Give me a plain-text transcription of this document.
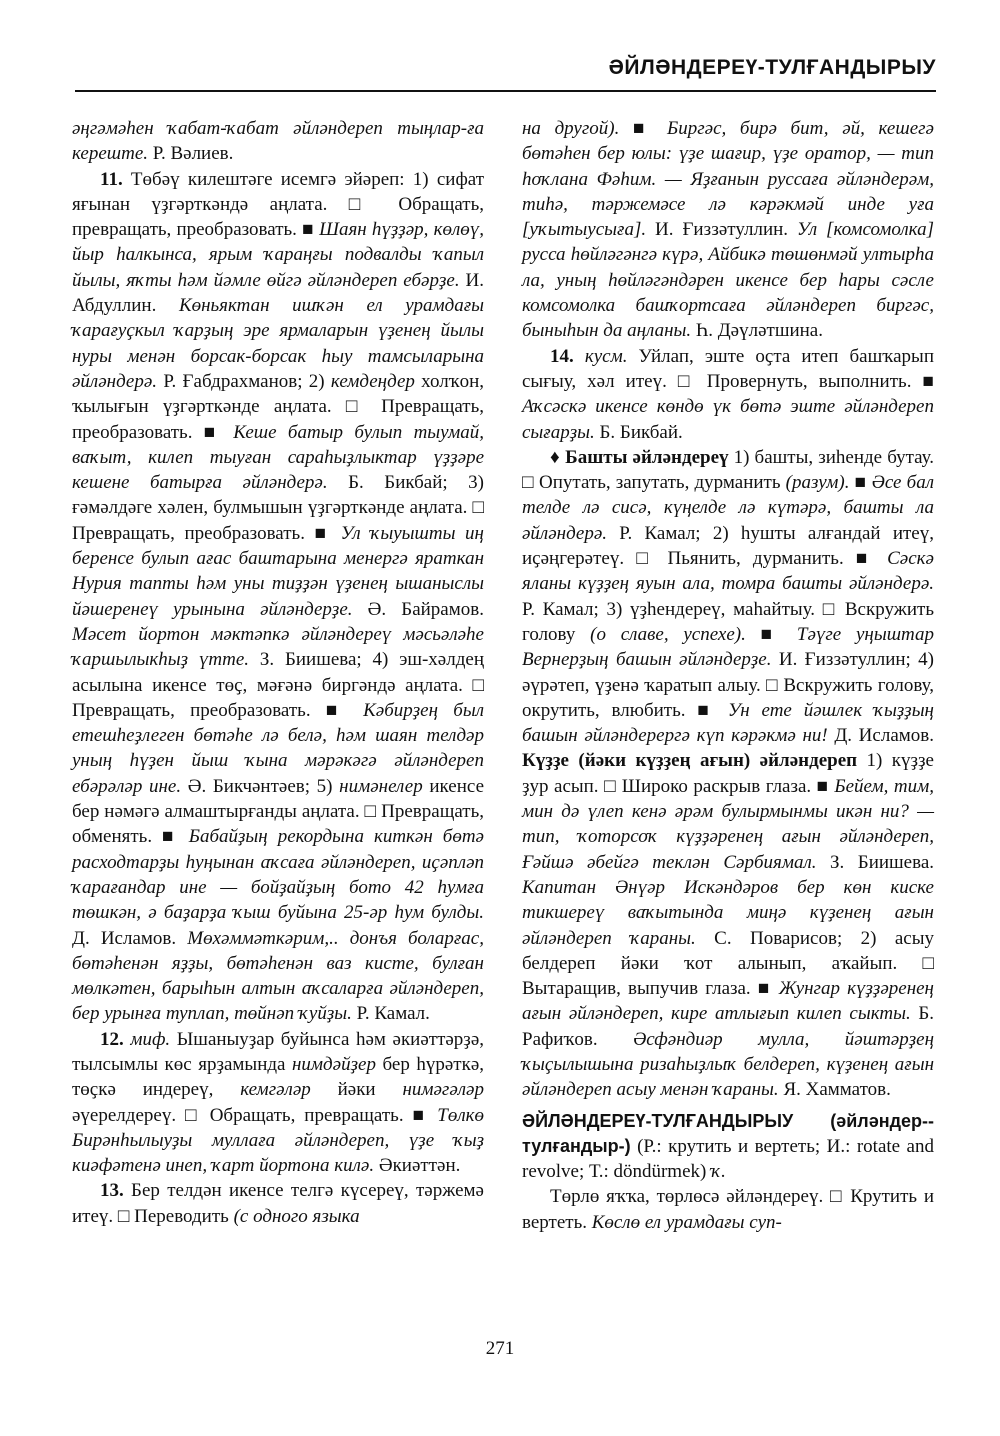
ӘЙЛӘНДЕРЕҮ-ТУЛҒАНДЫРЫУ

әңгәмәһен ҡабат-ҡабат әйләндереп тыңлар-ға кереште. Р. Вәлиев.

11. Төбәү килештәге исемгә эйәреп: 1) сифат яғынан үҙгәрткәндә аңлата. □ Обращать, превращать, преобразовать. ■ Шаян һүҙҙәр, көлөү, йыр һалкынса, ярым ҡараңғы подвалды ҡапыл йылы, яҡты һәм йәмле өйгә әйләндереп ебәрҙе. И. Абдуллин. Көньяктан ишҡән ел урамдағы ҡарағуҫкыл ҡарҙың эре ярмаларын үҙенең йылы нуры менән борсак-борсак һыу тамсыларына әйләндерә. Р. Ғабдрахманов; 2) кемдеңдер холҡон, ҡылығын үҙгәрткәнде аңлата. □ Превращать, преобразовать. ■ Кеше батыр булып тыумай, ваҡыт, килеп тыуған сараһыҙлыктар үҙҙәре кешене батырға әйләндерә. Б. Бикбай; 3) ғәмәлдәге хәлен, булмышын үҙгәрткәнде аңлата. □ Превращать, преобразовать. ■ Ул ҡыуышты иң беренсе булып ағас баштарына менергә яраткан Нурия тапты һәм уны тиҙҙән үҙенең ышаныслы йәшеренеү урынына әйләндерҙе. Ә. Байрамов. Мәсет йортон мәктәпкә әйләндереү мәсьәләһе ҡаршылыкһыҙ үтте. З. Биишева; 4) эш-хәлдең асылына икенсе төҫ, мәғәнә биргәндә аңлата. □ Превращать, преобразовать. ■ Кәбирҙең был етешһеҙлеген бөтәһе лә белә, һәм шаян телдәр уның һүҙен йыш ҡына мәрәкәгә әйләндереп ебәрәләр ине. Ә. Бикчәнтәев; 5) нимәнелер икенсе бер нәмәгә алмаштырғанды аңлата. □ Превращать, обменять. ■ Бабайҙың рекордына киткән бөтә расходтарҙы һуңынан аҡсаға әйләндереп, иҫәпләп ҡарағандар ине — бойҙайҙың бото 42 һумға төшкән, ә баҙарҙа ҡыш буйына 25-әр һум булды. Д. Исламов. Мөхәммәткәрим,.. донъя боларғас, бөтәһенән яҙҙы, бөтәһенән ваз кисте, булған мөлкәтен, барыһын алтын аҡсаларға әйләндереп, бер урынға туплап, төйнәп ҡуйҙы. Р. Камал.

12. миф. Ышаныуҙар буйынса һәм әкиәттәрҙә, тылсымлы көс ярҙамында нимдәйҙер бер һүрәткә, төҫкә индереү, кемгәләр йәки нимәгәләр әүерелдереү. □ Обращать, превращать. ■ Төлкө Бирәнһылыуҙы муллаға әйләндереп, үҙе ҡыҙ киәфәтенә инеп, ҡарт йортона килә. Әкиәттән.

13. Бер телдән икенсе телгә күсереү, тәржемә итеү. □ Переводить (с одного языка

на другой). ■ Биргәс, бирә бит, әй, кешегә бөтәһен бер юлы: үҙе шағир, үҙе оратор, — тип һоҡлана Фәһим. — Яҙғанын руссаға әйләндерәм, тиһә, тәржемәсе лә кәрәкмәй инде уға [уҡытыусыға]. И. Ғиззәтуллин. Ул [комсомолка] русса һөйләгәнгә күрә, Айбикә төшөнмәй ултырһа ла, уның һөйләгәндәрен икенсе бер һары сәсле комсомолка башҡортсаға әйләндереп биргәс, быныһын да аңланы. Һ. Дәүләтшина.

14. кусм. Уйлап, эште оҫта итеп башҡарып сығыу, хәл итеү. □ Провернуть, выполнить. ■ Аҡсәскә икенсе көндө үк бөтә эште әйләндереп сығарҙы. Б. Бикбай.

♦ Башты әйләндереү 1) башты, зиһенде бутау. □ Опутать, запутать, дурманить (разум). ■ Әсе бал телде лә сисә, күңелде лә күтәрә, башты ла әйләндерә. Р. Камал; 2) һушты алғандай итеү, иҫәңгерәтеү. □ Пьянить, дурманить. ■ Сәскә яланы күҙҙең яуын ала, томра башты әйләндерә. Р. Камал; 3) үҙһендереү, маһайтыу. □ Вскружить голову (о славе, успехе). ■ Тәүге уңыштар Вернерҙың башын әйләндерҙе. И. Ғиззәтуллин; 4) әүрәтеп, үҙенә ҡаратып алыу. □ Вскружить голову, окрутить, влюбить. ■ Ун ете йәшлек ҡыҙҙың башын әйләндерергә күп кәрәкмә ни! Д. Исламов. Күҙҙе (йәки күҙҙең ағын) әйләндереп 1) күҙҙе ҙур асып. □ Широко раскрыв глаза. ■ Бейем, тим, мин дә үлеп кенә әрәм булырмынмы икән ни? — тип, ҡоторсоҡ күҙҙәренең ағын әйләндереп, Ғәйшә әбейгә теклән Сәрбиямал. З. Биишева. Капитан Әнүәр Искәндәров бер көн киске тикшереү ваҡытында миңә күҙенең ағын әйләндереп ҡараны. С. Поварисов; 2) асыу белдереп йәки ҡот алынып, аҡайып. □ Вытаращив, выпучив глаза. ■ Жунгар күҙҙәренең ағын әйләндереп, кире атлығып килеп сыкты. Б. Рафиҡов. Әсфәндиәр мулла, йәштәрҙең ҡыҫылышына ризаһыҙлыҡ белдереп, күҙенең ағын әйләндереп асыу менән ҡараны. Я. Хамматов.

ӘЙЛӘНДЕРЕҮ-ТУЛҒАНДЫРЫУ (әйләндер--тулғандыр-) (Р.: крутить и вертеть; И.: rotate and revolve; Т.: döndürmek) ҡ.

Төрлө яҡҡа, төрлөсә әйләндереү. □ Крутить и вертеть. Көслө ел урамдағы суп-

271
